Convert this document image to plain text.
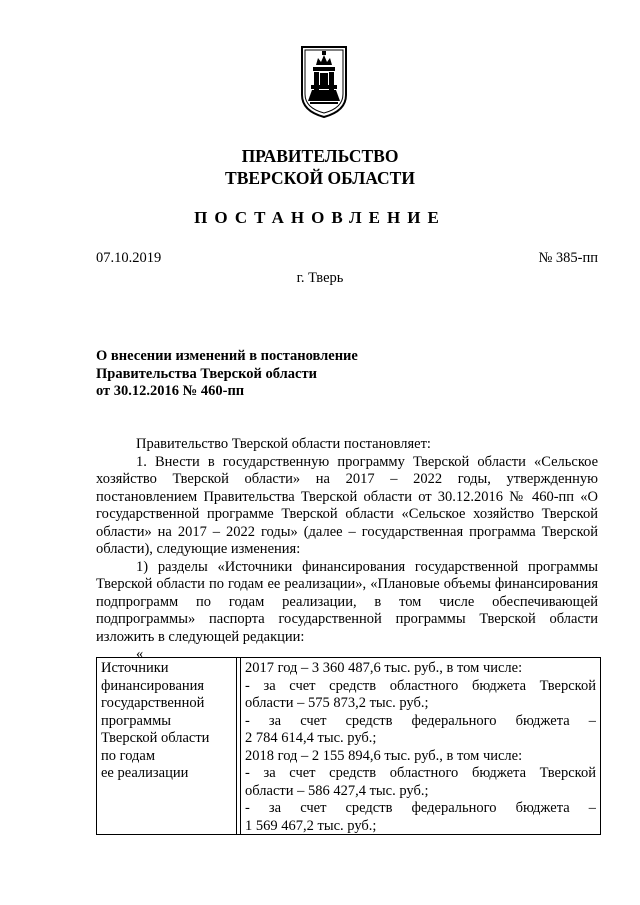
ПРАВИТЕЛЬСТВО
ТВЕРСКОЙ ОБЛАСТИ
ПОСТАНОВЛЕНИЕ
07.10.2019	№ 385-пп
г. Тверь
О внесении изменений в постановление
Правительства Тверской области
от 30.12.2016 № 460-пп

Правительство Тверской области постановляет:

1. Внести в государственную программу Тверской области «Сельское хозяйство Тверской области» на 2017 – 2022 годы, утвержденную постановлением Правительства Тверской области от 30.12.2016 № 460-пп «О государственной программе Тверской области «Сельское хозяйство Тверской области» на 2017 – 2022 годы» (далее – государственная программа Тверской области), следующие изменения:

1) разделы «Источники финансирования государственной программы Тверской области по годам ее реализации», «Плановые объемы финансирования подпрограмм по годам реализации, в том числе обеспечивающей подпрограммы» паспорта государственной программы Тверской области изложить в следующей редакции:

«

Источники
финансирования
государственной
программы
Тверской области
по годам
ее реализации
2017 год – 3 360 487,6 тыс. руб., в том числе:
- за счет средств областного бюджета Тверской
области – 575 873,2 тыс. руб.;
- за счет средств федерального бюджета –
2 784 614,4 тыс. руб.;
2018 год – 2 155 894,6 тыс. руб., в том числе:
- за счет средств областного бюджета Тверской
области – 586 427,4 тыс. руб.;
- за счет средств федерального бюджета –
1 569 467,2 тыс. руб.;
